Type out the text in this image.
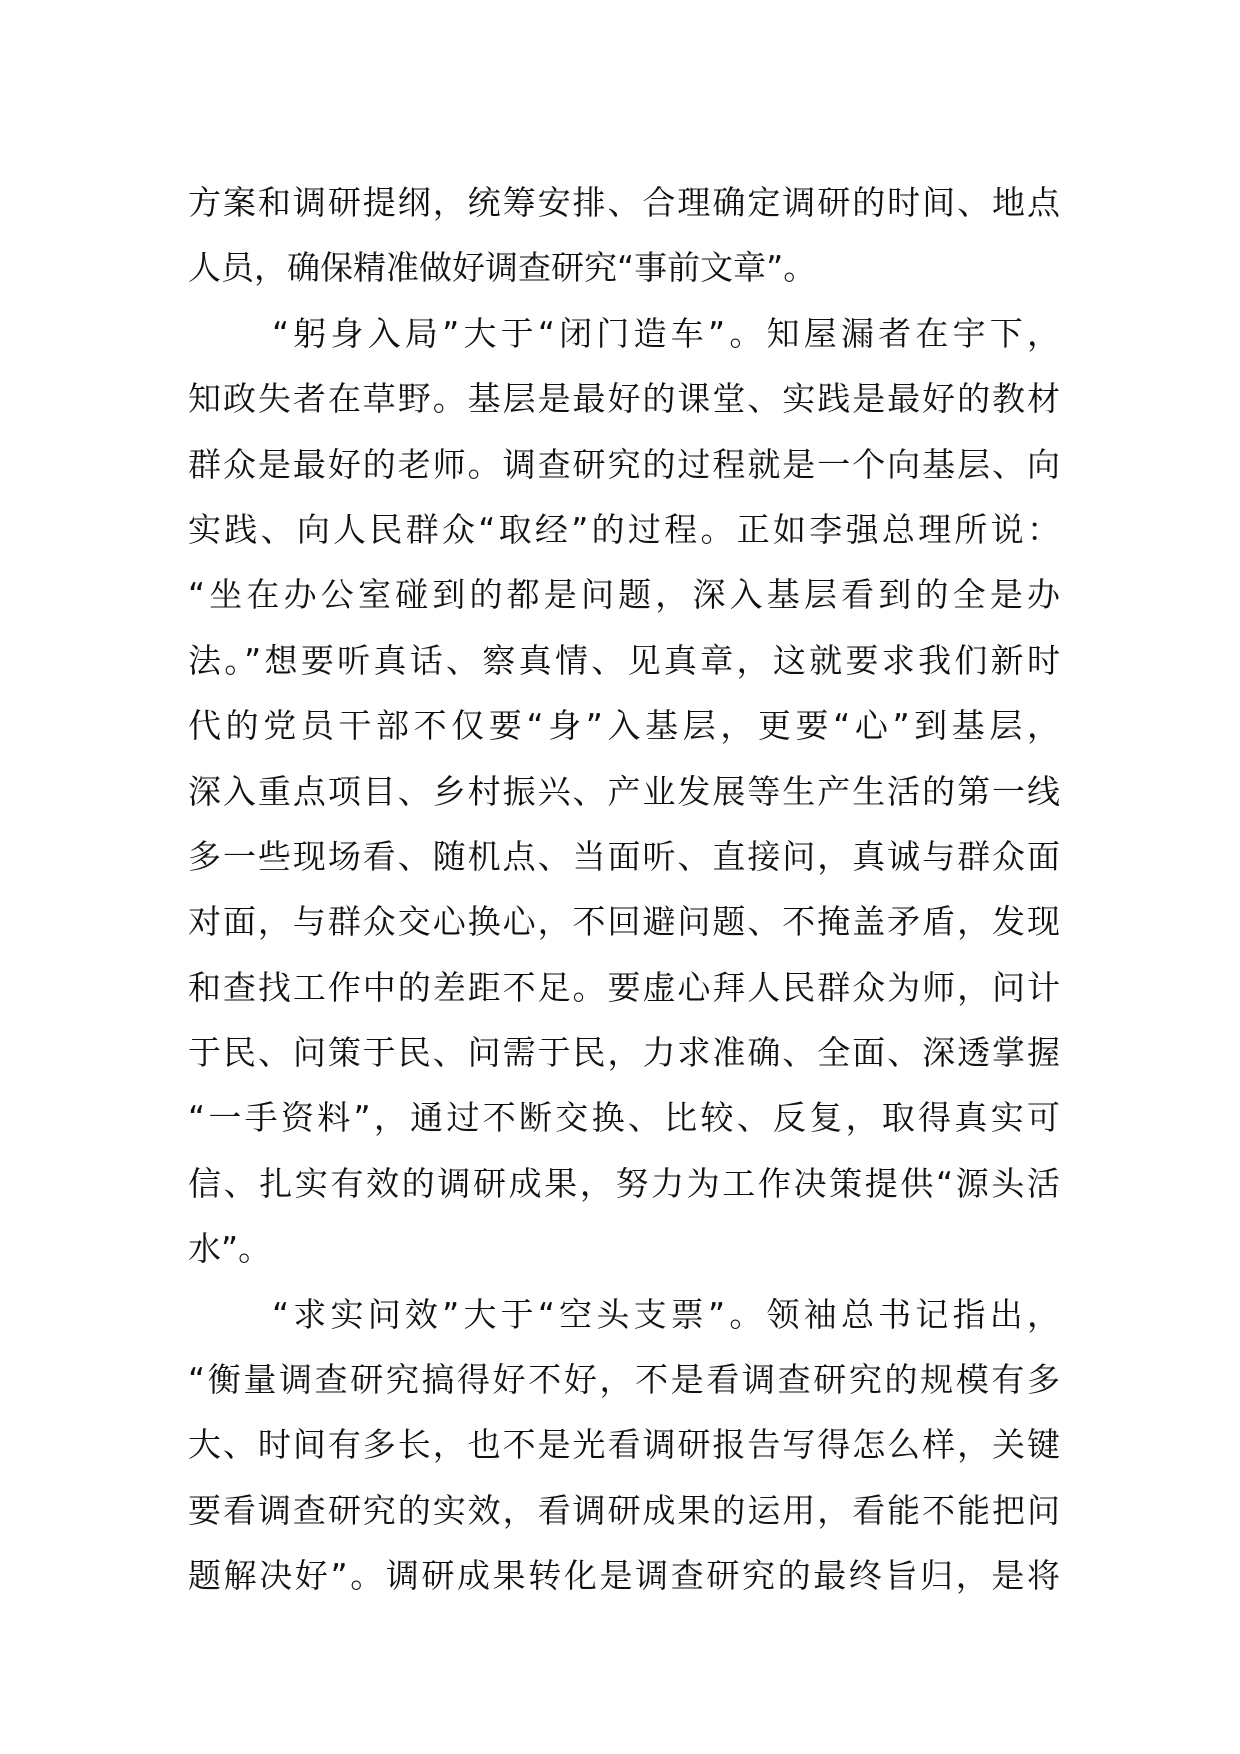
方案和调研提纲，统筹安排、合理确定调研的时间、地点
人员，确保精准做好调查研究“事前文章”。
“躬身入局”大于“闭门造车”。知屋漏者在宇下，
知政失者在草野。基层是最好的课堂、实践是最好的教材
群众是最好的老师。调查研究的过程就是一个向基层、向
实践、向人民群众“取经”的过程。正如李强总理所说：
“坐在办公室碰到的都是问题，深入基层看到的全是办
法。”想要听真话、察真情、见真章，这就要求我们新时
代的党员干部不仅要“身”入基层，更要“心”到基层，
深入重点项目、乡村振兴、产业发展等生产生活的第一线
多一些现场看、随机点、当面听、直接问，真诚与群众面
对面，与群众交心换心，不回避问题、不掩盖矛盾，发现
和查找工作中的差距不足。要虚心拜人民群众为师，问计
于民、问策于民、问需于民，力求准确、全面、深透掌握
“一手资料”，通过不断交换、比较、反复，取得真实可
信、扎实有效的调研成果，努力为工作决策提供“源头活
水”。
“求实问效”大于“空头支票”。领袖总书记指出，
“衡量调查研究搞得好不好，不是看调查研究的规模有多
大、时间有多长，也不是光看调研报告写得怎么样，关键
要看调查研究的实效，看调研成果的运用，看能不能把问
题解决好”。调研成果转化是调查研究的最终旨归，是将
